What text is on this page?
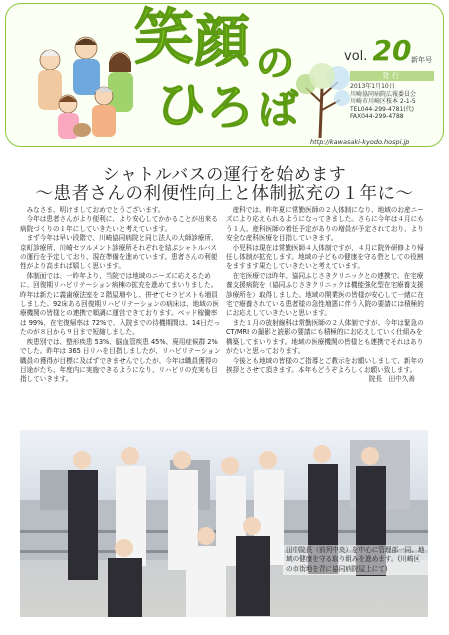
笑 顔 の
ひ ろ ば
vol. 20 新年号
発行
2013年1月10日
川崎協同病院広報委員会
川崎市川崎区桜本 2-1-5
TEL044-299-4781(代)
FAX044-299-4788
http://kawasaki-kyodo.hospi.jp
シャトルバスの運行を始めます
〜患者さんの利便性向上と体制拡充の１年に〜

みなさま、明けましておめでとうございます。

今年は患者さんがより便利に、より安心してかかることが出来る病院づくりの１年にしていきたいと考えています。

まず今年は早い段階で、川崎協同病院と同じ法人の大師診療所、京町診療所、川崎セツルメント診療所それぞれを結ぶシャトルバスの運行を予定しており、現在準備を進めています。患者さんの利便性がより高まれば嬉しく思います。

体制面では、一昨年より、当院では地域のニーズに応えるために、回復期リハビリテーション病棟の拡充を進めてまいりました。昨年は新たに義歯療法室を２階屋増やし、併せてセラピストも増員しました。92床ある回復期リハビリテーションの病床は、地域の医療機関の皆様との連携で順調に運営できております。ベッド稼働率は 99%、在宅復帰率は 72%で、入院までの待機期間は、14日だったのが８日から９日まで短縮しました。

疾患別では、整形疾患 53%、脳血管疾患 45%、廃用症候群 2%でした。昨年は 365 日リハを目指しましたが、リハビリテーション職員の獲得が目標に及ばずできませんでしたが、今年は職員獲得の目途がたち、年度内に実施できるようになり、リハビリの充実も目指していきます。

産科では、昨年夏に常勤医師の２人体制になり、地域のお産ニーズにより応えられるようになってきました。さらに今年は４月にもう１人、産科医師の着任予定がありの増員が予定されており、より安全な産科医療を目指していきます。

小児科は現在は常勤医師４人体制ですが、４月に院外研修より帰任し体制が拡充します。地域の子どもの健康を守る砦としての役割をますます果たしていきたいと考えています。

在宅医療では昨年、協同ふじさきクリニックとの連携で、在宅療養支援病院を（協同ふじさきクリニックは機能強化型在宅療養支援診療所を）取得しました。地域の開業医の皆様が安心して一緒に在宅で療養されている患者様の急性増悪に伴う入院の要請には積極的にお応えしていきたいと思います。

また１月の放射線科は常勤医師の２人体制ですが、今年は緊急の CT/MRI の撮影と読影の要請にも積極的にお応えしていく仕組みを構築してまいります。地域の医療機関の皆様とも連携でそれはありがたいと思っております。

今後とも地域の皆様のご指導とご教示をお願いしまして、新年の挨拶とさせて頂きます。本年もどうぞよろしくお願い致します。

院長　田中久善

田中院長（前列中央）を中心に管理部一同、地域の健康を守る取り組みを進めます。(川崎区の市街地を背に協同病院屋上にて)
